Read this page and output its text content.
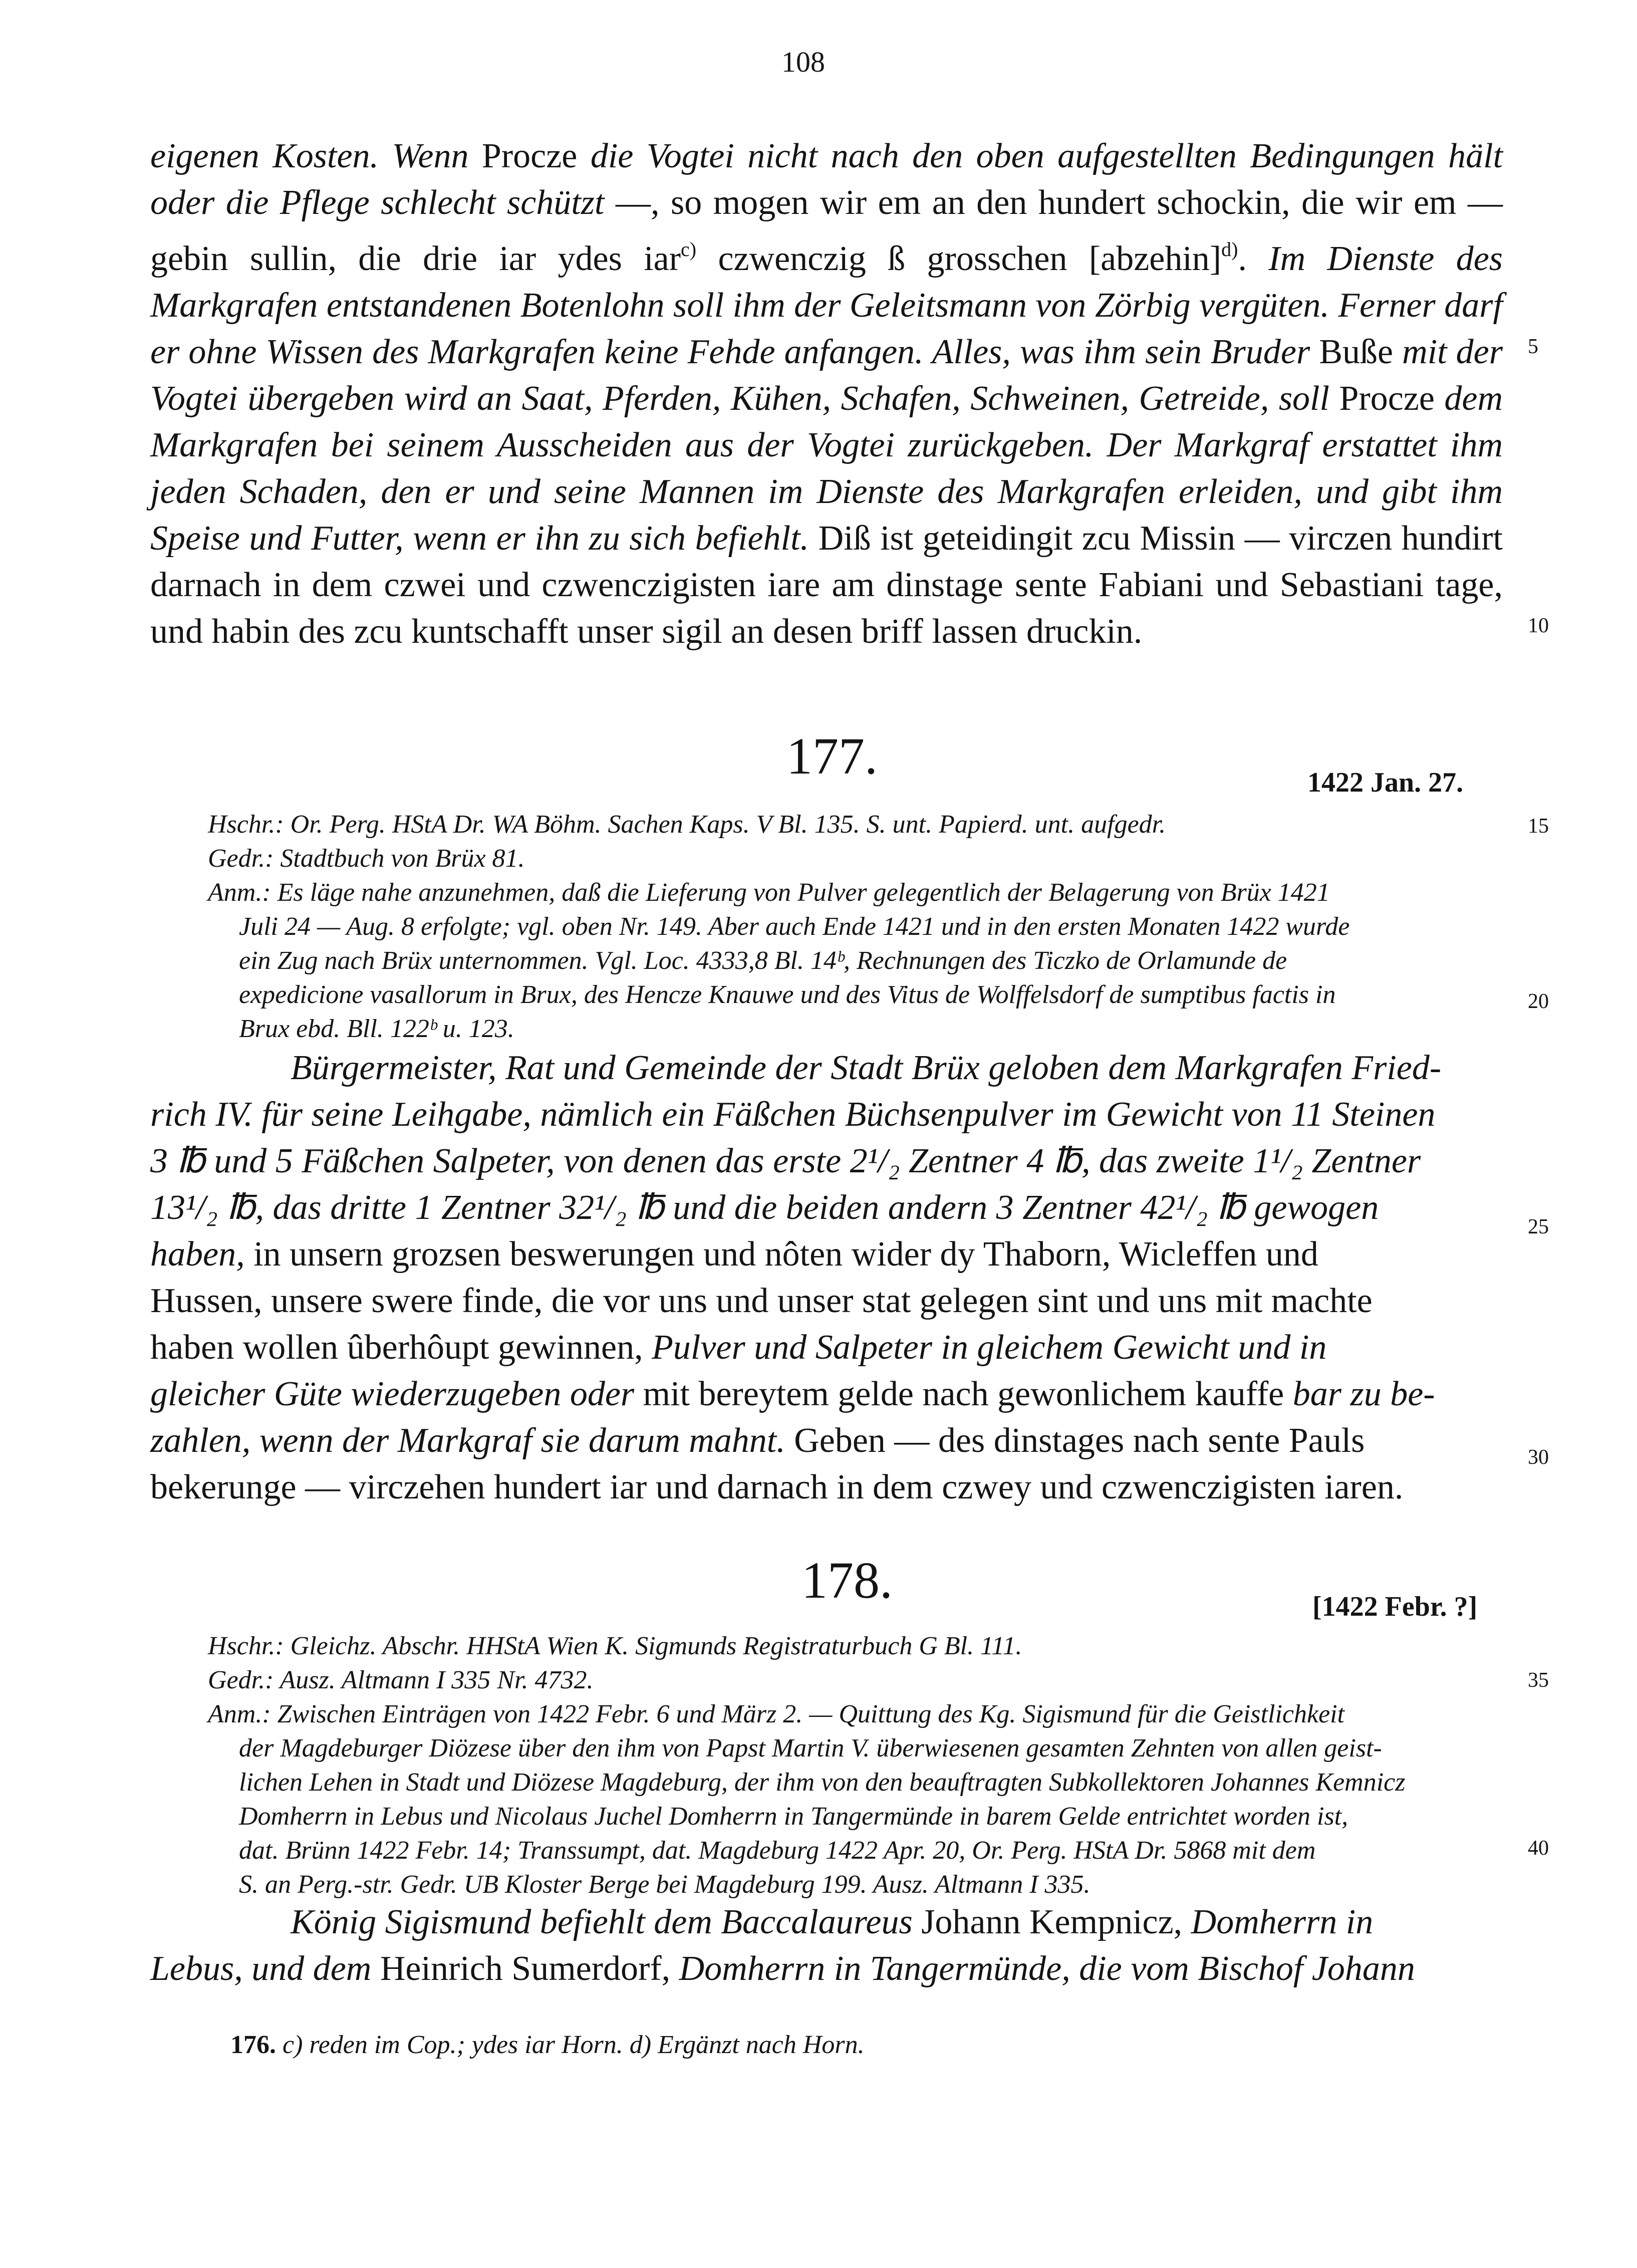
108

eigenen Kosten. Wenn Procze die Vogtei nicht nach den oben aufgestellten Bedingungen hält oder die Pflege schlecht schützt —, so mogen wir em an den hundert schockin, die wir em — gebin sullin, die drie iar ydes iar$^{c)}$ czwenczig ß grosschen [abzehin]$^{d)}$. Im Dienste des Markgrafen entstandenen Botenlohn soll ihm der Geleitsmann von Zörbig vergüten. Ferner darf er ohne Wissen des Markgrafen keine Fehde anfangen. Alles, was ihm sein Bruder Buße mit der Vogtei übergeben wird an Saat, Pferden, Kühen, Schafen, Schweinen, Getreide, soll Procze dem Markgrafen bei seinem Ausscheiden aus der Vogtei zurückgeben. Der Markgraf erstattet ihm jeden Schaden, den er und seine Mannen im Dienste des Markgrafen erleiden, und gibt ihm Speise und Futter, wenn er ihn zu sich befiehlt. Diß ist geteidingit zcu Missin — virczen hundirt darnach in dem czwei und czwenczigisten iare am dinstage sente Fabiani und Sebastiani tage, und habin des zcu kuntschafft unser sigil an desen briff lassen druckin.

177.	1422 Jan. 27.
Hschr.: Or. Perg. HStA Dr. WA Böhm. Sachen Kaps. V Bl. 135. S. unt. Papierd. unt. aufgedr.
Gedr.: Stadtbuch von Brüx 81.
Anm.: Es läge nahe anzunehmen, daß die Lieferung von Pulver gelegentlich der Belagerung von Brüx 1421
Juli 24 — Aug. 8 erfolgte; vgl. oben Nr. 149. Aber auch Ende 1421 und in den ersten Monaten 1422 wurde
ein Zug nach Brüx unternommen. Vgl. Loc. 4333,8 Bl. 14ᵇ, Rechnungen des Ticzko de Orlamunde de
expedicione vasallorum in Brux, des Hencze Knauwe und des Vitus de Wolffelsdorf de sumptibus factis in
Brux ebd. Bll. 122ᵇ u. 123.

Bürgermeister, Rat und Gemeinde der Stadt Brüx geloben dem Markgrafen Fried-

rich IV. für seine Leihgabe, nämlich ein Fäßchen Büchsenpulver im Gewicht von 11 Steinen

3 ℔ und 5 Fäßchen Salpeter, von denen das erste 2¹/₂ Zentner 4 ℔, das zweite 1¹/₂ Zentner

13¹/₂ ℔, das dritte 1 Zentner 32¹/₂ ℔ und die beiden andern 3 Zentner 42¹/₂ ℔ gewogen

haben, in unsern grozsen beswerungen und nôten wider dy Thaborn, Wicleffen und

Hussen, unsere swere finde, die vor uns und unser stat gelegen sint und uns mit machte

haben wollen ûberhôupt gewinnen, Pulver und Salpeter in gleichem Gewicht und in

gleicher Güte wiederzugeben oder mit bereytem gelde nach gewonlichem kauffe bar zu be-

zahlen, wenn der Markgraf sie darum mahnt. Geben — des dinstages nach sente Pauls

bekerunge — virczehen hundert iar und darnach in dem czwey und czwenczigisten iaren.

178.	[1422 Febr. ?]
Hschr.: Gleichz. Abschr. HHStA Wien K. Sigmunds Registraturbuch G Bl. 111.
Gedr.: Ausz. Altmann I 335 Nr. 4732.
Anm.: Zwischen Einträgen von 1422 Febr. 6 und März 2. — Quittung des Kg. Sigismund für die Geistlichkeit
der Magdeburger Diözese über den ihm von Papst Martin V. überwiesenen gesamten Zehnten von allen geist-
lichen Lehen in Stadt und Diözese Magdeburg, der ihm von den beauftragten Subkollektoren Johannes Kemnicz
Domherrn in Lebus und Nicolaus Juchel Domherrn in Tangermünde in barem Gelde entrichtet worden ist,
dat. Brünn 1422 Febr. 14; Transsumpt, dat. Magdeburg 1422 Apr. 20, Or. Perg. HStA Dr. 5868 mit dem
S. an Perg.-str. Gedr. UB Kloster Berge bei Magdeburg 199. Ausz. Altmann I 335.

König Sigismund befiehlt dem Baccalaureus Johann Kempnicz, Domherrn in

Lebus, und dem Heinrich Sumerdorf, Domherrn in Tangermünde, die vom Bischof Johann

176. c) reden im Cop.; ydes iar Horn. d) Ergänzt nach Horn.
5
10
15
20
25
30
35
40
